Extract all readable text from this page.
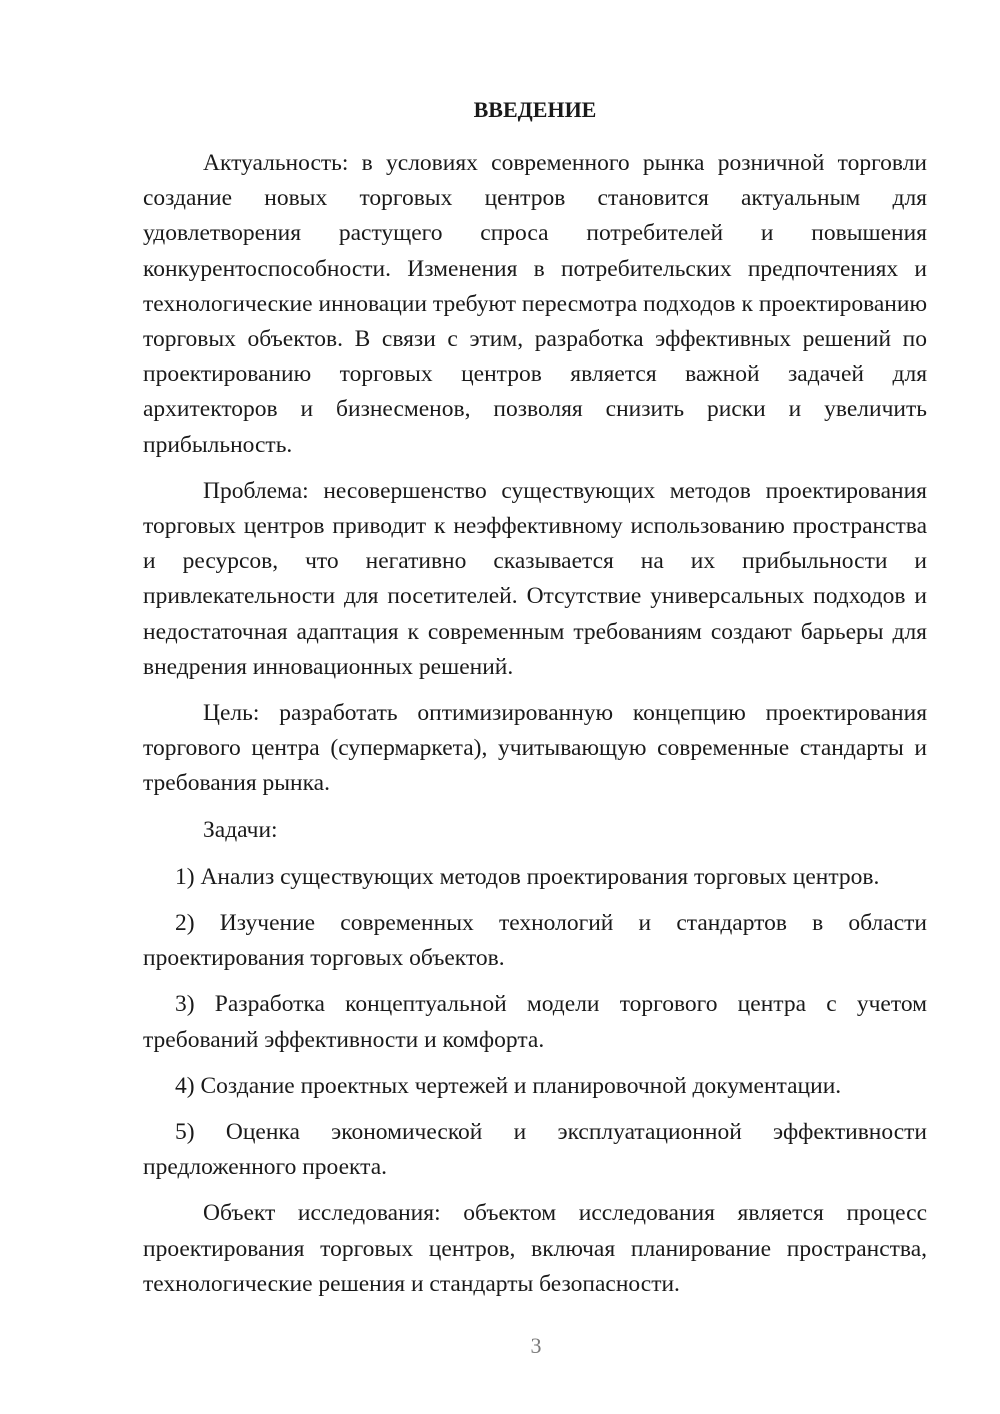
ВВЕДЕНИЕ

Актуальность: в условиях современного рынка розничной торговли создание новых торговых центров становится актуальным для удовлетворения растущего спроса потребителей и повышения конкурентоспособности. Изменения в потребительских предпочтениях и технологические инновации требуют пересмотра подходов к проектированию торговых объектов. В связи с этим, разработка эффективных решений по проектированию торговых центров является важной задачей для архитекторов и бизнесменов, позволяя снизить риски и увеличить прибыльность.

Проблема: несовершенство существующих методов проектирования торговых центров приводит к неэффективному использованию пространства и ресурсов, что негативно сказывается на их прибыльности и привлекательности для посетителей. Отсутствие универсальных подходов и недостаточная адаптация к современным требованиям создают барьеры для внедрения инновационных решений.

Цель: разработать оптимизированную концепцию проектирования торгового центра (супермаркета), учитывающую современные стандарты и требования рынка.

Задачи:

1) Анализ существующих методов проектирования торговых центров.

2) Изучение современных технологий и стандартов в области проектирования торговых объектов.

3) Разработка концептуальной модели торгового центра с учетом требований эффективности и комфорта.

4) Создание проектных чертежей и планировочной документации.

5) Оценка экономической и эксплуатационной эффективности предложенного проекта.

Объект исследования: объектом исследования является процесс проектирования торговых центров, включая планирование пространства, технологические решения и стандарты безопасности.

3
